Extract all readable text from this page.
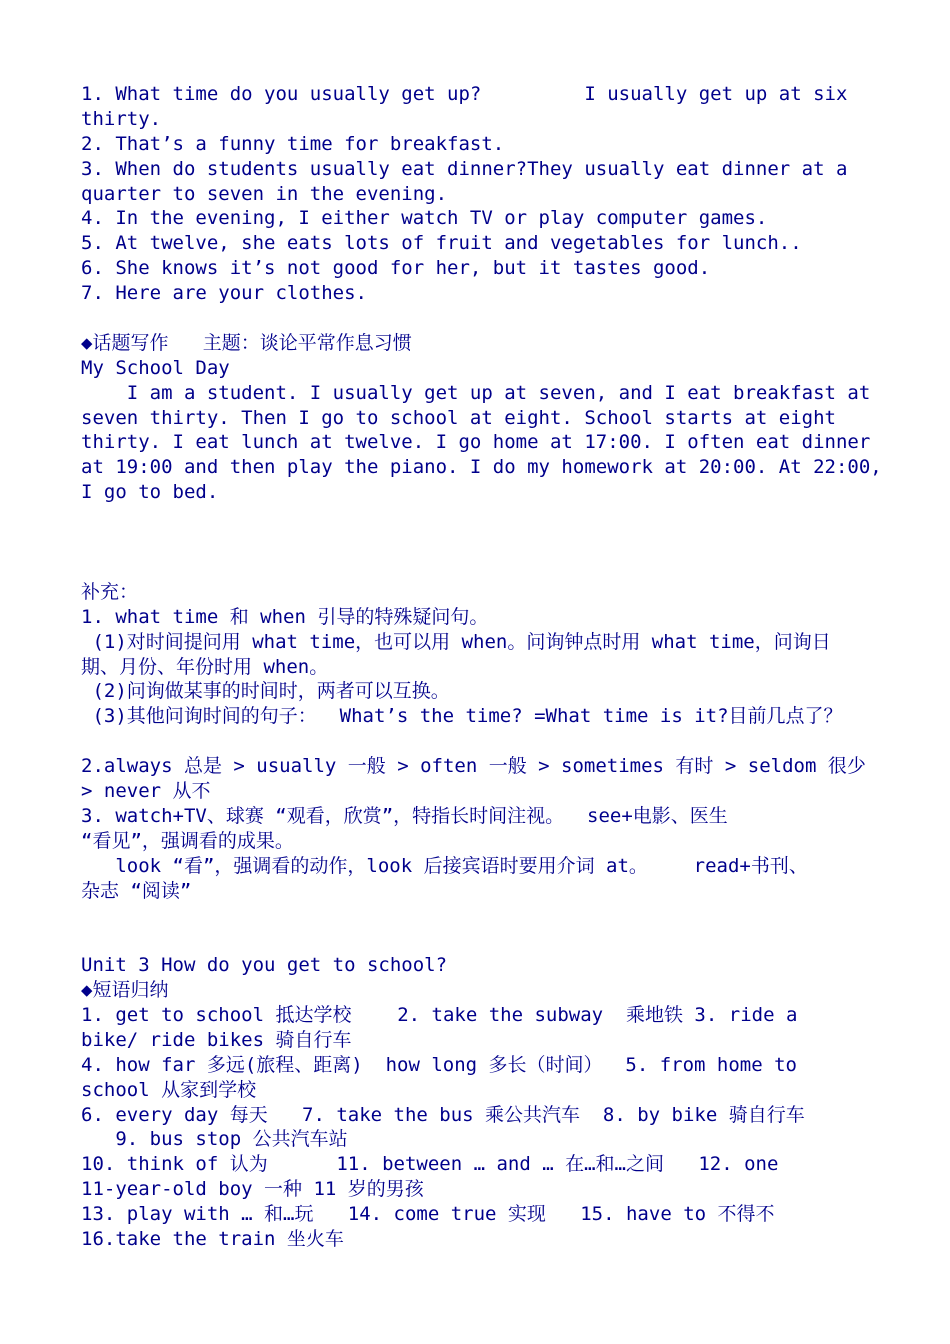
1. What time do you usually get up?         I usually get up at six
thirty.
2. That’s a funny time for breakfast.
3. When do students usually eat dinner?They usually eat dinner at a
quarter to seven in the evening.
4. In the evening, I either watch TV or play computer games.
5. At twelve, she eats lots of fruit and vegetables for lunch..
6. She knows it’s not good for her, but it tastes good.
7. Here are your clothes.
◆话题写作   主题：谈论平常作息习惯
My School Day
I am a student. I usually get up at seven, and I eat breakfast at
seven thirty. Then I go to school at eight. School starts at eight
thirty. I eat lunch at twelve. I go home at 17:00. I often eat dinner
at 19:00 and then play the piano. I do my homework at 20:00. At 22:00,
I go to bed.
补充：
1. what time 和 when 引导的特殊疑问句。
(1)对时间提问用 what time，也可以用 when。问询钟点时用 what time，问询日
期、月份、年份时用 when。
(2)问询做某事的时间时，两者可以互换。
(3)其他问询时间的句子：  What’s the time? =What time is it?目前几点了？
2.always 总是 > usually 一般 > often 一般 > sometimes 有时 > seldom 很少
> never 从不
3. watch+TV、球赛 “观看，欣赏”，特指长时间注视。  see+电影、医生
“看见”，强调看的成果。
look “看”，强调看的动作，look 后接宾语时要用介词 at。    read+书刊、
杂志 “阅读”
Unit 3 How do you get to school?
◆短语归纳
1. get to school 抵达学校    2. take the subway  乘地铁 3. ride a
bike/ ride bikes 骑自行车
4. how far 多远(旅程、距离)  how long 多长（时间）  5. from home to
school 从家到学校
6. every day 每天   7. take the bus 乘公共汽车  8. by bike 骑自行车
9. bus stop 公共汽车站
10. think of 认为      11. between … and … 在…和…之间   12. one
11-year-old boy 一种 11 岁的男孩
13. play with … 和…玩   14. come true 实现   15. have to 不得不
16.take the train 坐火车
